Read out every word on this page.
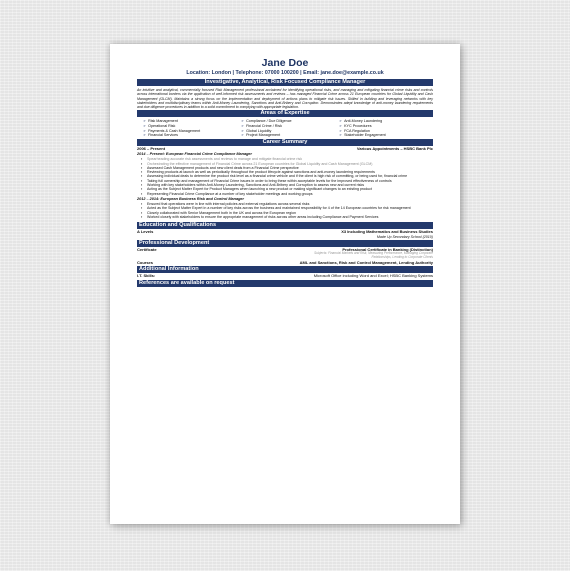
Jane Doe
Location: London | Telephone: 07000 100200 | Email: jane.doe@example.co.uk
Investigative, Analytical, Risk Focused Compliance Manager
An intuitive and analytical, commercially focused Risk Management professional acclaimed for identifying operational risks, and managing and mitigating financial crime risks and controls across international borders via the application of well-informed risk assessments and reviews – has managed Financial Crime across 21 European countries for Global Liquidity and Cash Management (GLCM). Maintains a strong focus on the implementation and deployment of actions plans to mitigate risk issues. Skilled in building and leveraging networks with key stakeholders and multidisciplinary teams within Anti-Money Laundering, Sanctions and Anti-Bribery and Corruption. Demonstrates adept knowledge of anti-money laundering requirements and due diligence procedures in addition to a solid commitment to complying with appropriate legislation.
Areas of Expertise
➢ Risk Management	➢ Compliance / Due Diligence	➢ Anti-Money Laundering
➢ Operational Risk	➢ Financial Crime / Risk	➢ KYC Procedures
➢ Payments & Cash Management	➢ Global Liquidity	➢ FCA Regulation
➢ Financial Services	➢ Project Management	➢ Stakeholder Engagement
Career Summary
2006 – Present	Various Appointments – HSBC Bank Plc
2014 – Present: European Financial Crime Compliance Manager
▪ Spearheading accurate risk assessments and reviews to manage and mitigate financial crime risk
▪ Orchestrating the effective management of Financial Crime across 21 European countries for Global Liquidity and Cash Management (GLCM)
▪ Assessed Cash Management products and new client deals from a Financial Crime perspective
▪ Reviewing products at launch as well as periodically throughout the product lifecycle against sanctions and anti-money laundering requirements
▪ Assessing individual deals to determine the product risk level as a financial crime vehicle and if the client is high risk of committing, or being used for, financial crime
▪ Taking full ownership and management of Financial Crime issues in order to bring these within acceptable levels for the improved effectiveness of controls
▪ Working with key stakeholders within Anti-Money Laundering, Sanctions and Anti-Bribery and Corruption to assess new and current risks
▪ Acting as the Subject Matter Expert for Product Managers when launching a new product or making significant changes to an existing product
▪ Representing Financial Crime Compliance at a number of key stakeholder meetings and working groups
2012 – 2014: European Business Risk and Control Manager
▪ Ensured that operations were in line with internal policies and external regulations across several risks
▪ Acted as the Subject Matter Expert in a number of key risks across the business and maintained responsibility for 4 of the 14 European countries for risk management
▪ Closely collaborated with Senior Management both in the UK and across the European region
▪ Worked closely with stakeholders to ensure the appropriate management of risks across other areas including Compliance and Payment Services
Education and Qualifications
A Levels	X3 Including Mathematics and Business Studies
Made Up Secondary School (2010)
Professional Development
Certificate	Professional Certificate in Banking (Distinction)
Subjects: Financial Markets and Risk, Measuring Performance, Managing Corporate
Relationships, Lending to Corporate Clients
Courses	AML and Sanctions, Risk and Control Management, Lending Authority
Additional Information
I.T. Skills:	Microsoft Office including Word and Excel; HSBC Banking Systems
References are available on request
